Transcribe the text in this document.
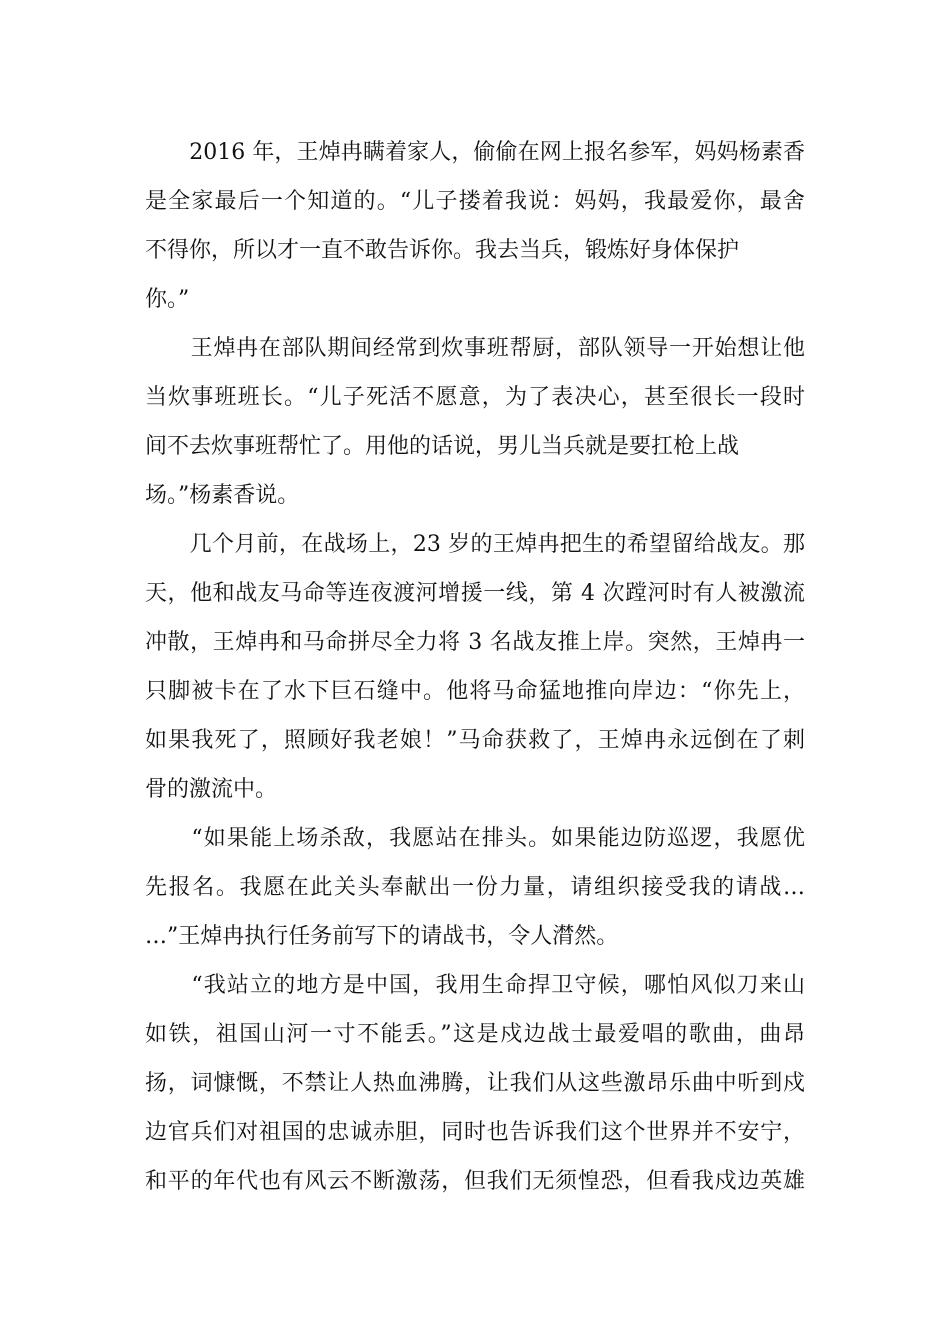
　　2016 年，王焯冉瞒着家人，偷偷在网上报名参军，妈妈杨素香
是全家最后一个知道的。“儿子搂着我说：妈妈，我最爱你，最舍
不得你，所以才一直不敢告诉你。我去当兵，锻炼好身体保护
你。”
　　王焯冉在部队期间经常到炊事班帮厨，部队领导一开始想让他
当炊事班班长。“儿子死活不愿意，为了表决心，甚至很长一段时
间不去炊事班帮忙了。用他的话说，男儿当兵就是要扛枪上战
场。”杨素香说。
　　几个月前，在战场上，23 岁的王焯冉把生的希望留给战友。那
天，他和战友马命等连夜渡河增援一线，第 4 次蹚河时有人被激流
冲散，王焯冉和马命拼尽全力将 3 名战友推上岸。突然，王焯冉一
只脚被卡在了水下巨石缝中。他将马命猛地推向岸边：“你先上，
如果我死了，照顾好我老娘！”马命获救了，王焯冉永远倒在了刺
骨的激流中。
　　“如果能上场杀敌，我愿站在排头。如果能边防巡逻，我愿优
先报名。我愿在此关头奉献出一份力量，请组织接受我的请战…
…”王焯冉执行任务前写下的请战书，令人潸然。
　　“我站立的地方是中国，我用生命捍卫守候，哪怕风似刀来山
如铁，祖国山河一寸不能丢。”这是戍边战士最爱唱的歌曲，曲昂
扬，词慷慨，不禁让人热血沸腾，让我们从这些激昂乐曲中听到戍
边官兵们对祖国的忠诚赤胆，同时也告诉我们这个世界并不安宁，
和平的年代也有风云不断激荡，但我们无须惶恐，但看我戍边英雄
